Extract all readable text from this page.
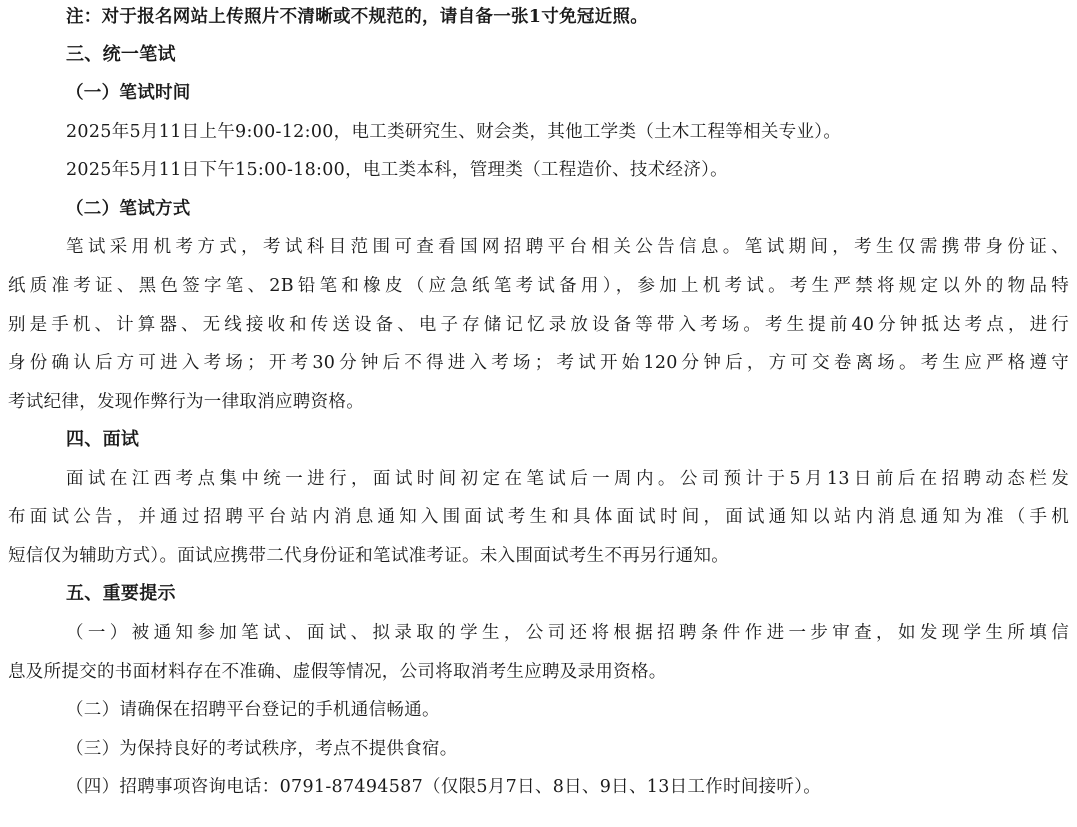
注：对于报名网站上传照片不清晰或不规范的，请自备一张1寸免冠近照。
三、统一笔试
（一）笔试时间
2025年5月11日上午9:00-12:00，电工类研究生、财会类，其他工学类（土木工程等相关专业）。
2025年5月11日下午15:00-18:00，电工类本科，管理类（工程造价、技术经济）。
（二）笔试方式
笔试采用机考方式，考试科目范围可查看国网招聘平台相关公告信息。笔试期间，考生仅需携带身份证、
纸质准考证、黑色签字笔、2B铅笔和橡皮（应急纸笔考试备用），参加上机考试。考生严禁将规定以外的物品特
别是手机、计算器、无线接收和传送设备、电子存储记忆录放设备等带入考场。考生提前40分钟抵达考点，进行
身份确认后方可进入考场；开考30分钟后不得进入考场；考试开始120分钟后，方可交卷离场。考生应严格遵守
考试纪律，发现作弊行为一律取消应聘资格。
四、面试
面试在江西考点集中统一进行，面试时间初定在笔试后一周内。公司预计于5月13日前后在招聘动态栏发
布面试公告，并通过招聘平台站内消息通知入围面试考生和具体面试时间，面试通知以站内消息通知为准（手机
短信仅为辅助方式）。面试应携带二代身份证和笔试准考证。未入围面试考生不再另行通知。
五、重要提示
（一）被通知参加笔试、面试、拟录取的学生，公司还将根据招聘条件作进一步审查，如发现学生所填信
息及所提交的书面材料存在不准确、虚假等情况，公司将取消考生应聘及录用资格。
（二）请确保在招聘平台登记的手机通信畅通。
（三）为保持良好的考试秩序，考点不提供食宿。
（四）招聘事项咨询电话：0791-87494587（仅限5月7日、8日、9日、13日工作时间接听）。
